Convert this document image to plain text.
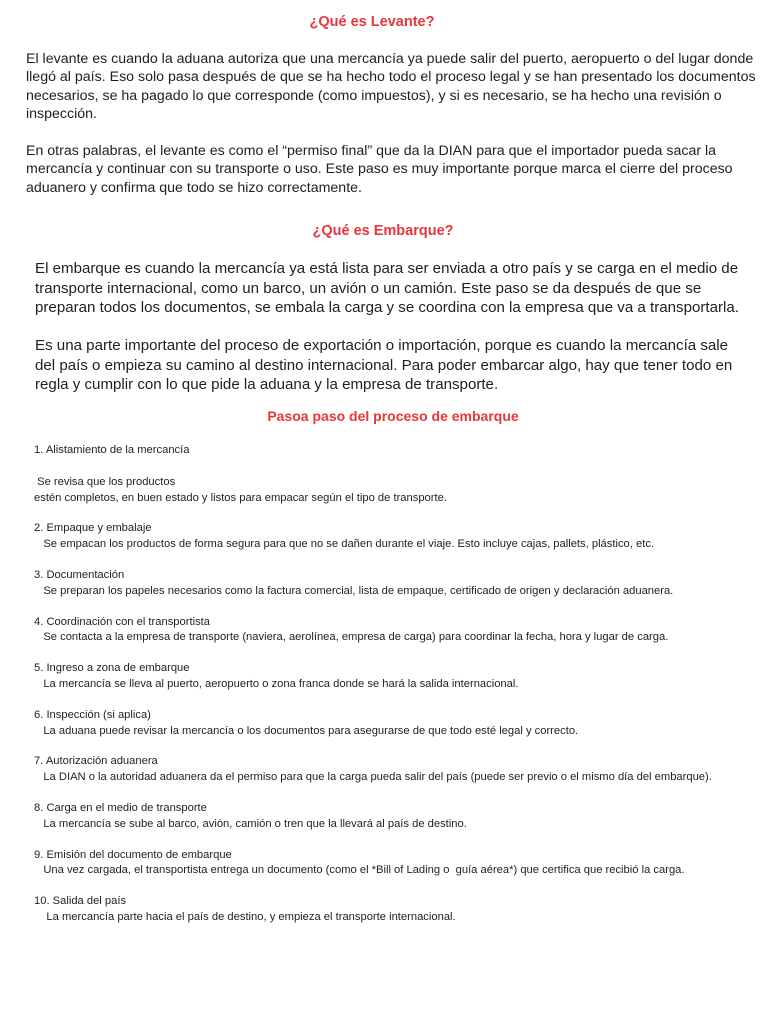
¿Qué es Levante?

El levante es cuando la aduana autoriza que una mercancía ya puede salir del puerto, aeropuerto o del lugar donde llegó al país. Eso solo pasa después de que se ha hecho todo el proceso legal y se han presentado los documentos necesarios, se ha pagado lo que corresponde (como impuestos), y si es necesario, se ha hecho una revisión o inspección.

En otras palabras, el levante es como el “permiso final” que da la DIAN para que el importador pueda sacar la mercancía y continuar con su transporte o uso. Este paso es muy importante porque marca el cierre del proceso aduanero y confirma que todo se hizo correctamente.

¿Qué es Embarque?

El embarque es cuando la mercancía ya está lista para ser enviada a otro país y se carga en el medio de transporte internacional, como un barco, un avión o un camión. Este paso se da después de que se preparan todos los documentos, se embala la carga y se coordina con la empresa que va a transportarla.

Es una parte importante del proceso de exportación o importación, porque es cuando la mercancía sale del país o empieza su camino al destino internacional. Para poder embarcar algo, hay que tener todo en regla y cumplir con lo que pide la aduana y la empresa de transporte.

Pasoa paso del proceso de embarque
1. Alistamiento de la mercancía
Se revisa que los productos
estén completos, en buen estado y listos para empacar según el tipo de transporte.
2. Empaque y embalaje
Se empacan los productos de forma segura para que no se dañen durante el viaje. Esto incluye cajas, pallets, plástico, etc.
3. Documentación
Se preparan los papeles necesarios como la factura comercial, lista de empaque, certificado de origen y declaración aduanera.
4. Coordinación con el transportista
Se contacta a la empresa de transporte (naviera, aerolínea, empresa de carga) para coordinar la fecha, hora y lugar de carga.
5. Ingreso a zona de embarque
La mercancía se lleva al puerto, aeropuerto o zona franca donde se hará la salida internacional.
6. Inspección (si aplica)
La aduana puede revisar la mercancía o los documentos para asegurarse de que todo esté legal y correcto.
7. Autorización aduanera
La DIAN o la autoridad aduanera da el permiso para que la carga pueda salir del país (puede ser previo o el mismo día del embarque).
8. Carga en el medio de transporte
La mercancía se sube al barco, avión, camión o tren que la llevará al país de destino.
9. Emisión del documento de embarque
Una vez cargada, el transportista entrega un documento (como el *Bill of Lading o  guía aérea*) que certifica que recibió la carga.
10. Salida del país
La mercancía parte hacia el país de destino, y empieza el transporte internacional.
